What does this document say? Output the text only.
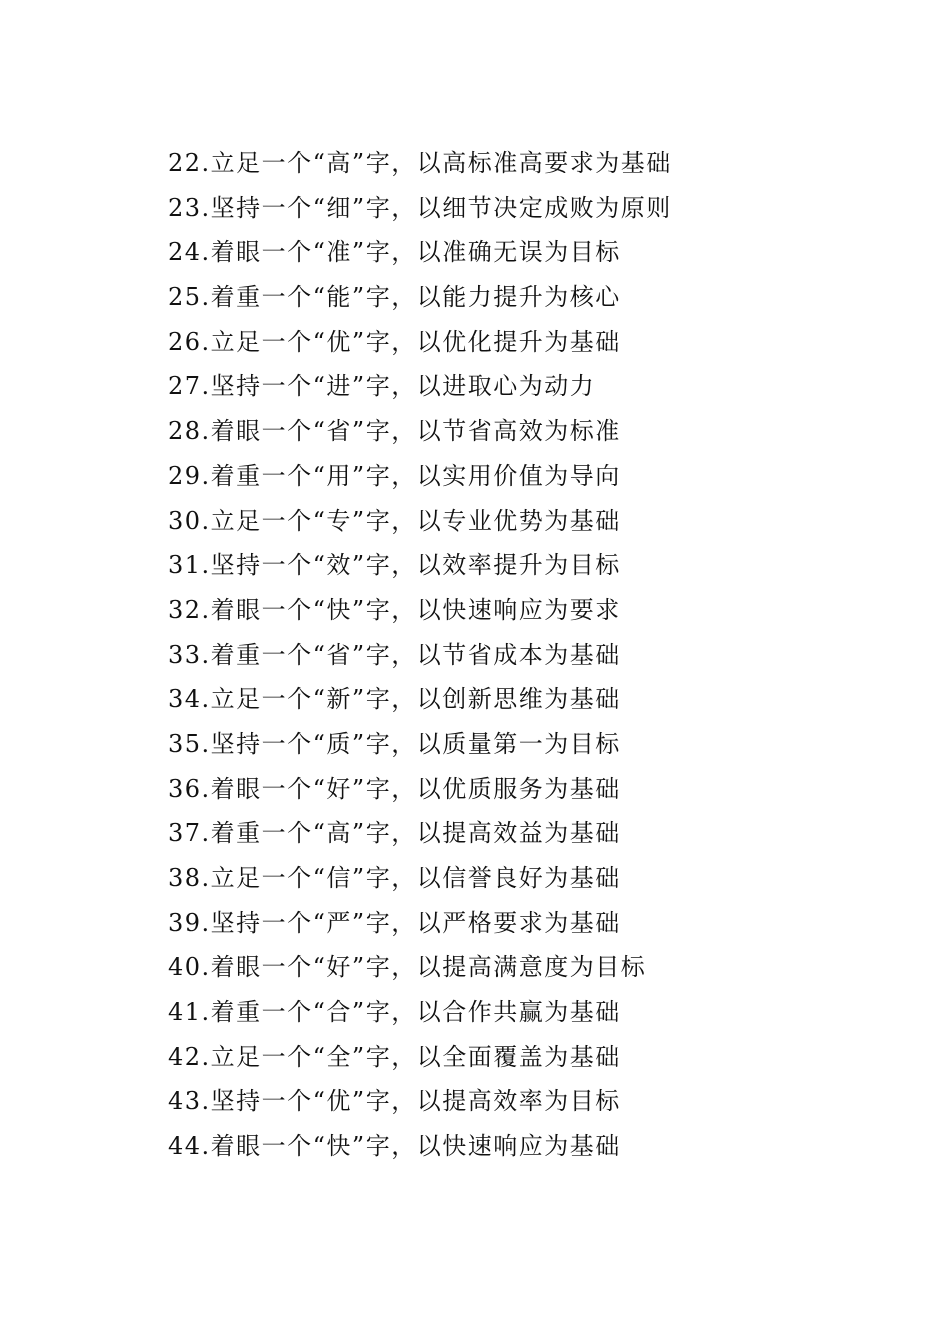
22.立足一个“高”字，以高标准高要求为基础
23.坚持一个“细”字，以细节决定成败为原则
24.着眼一个“准”字，以准确无误为目标
25.着重一个“能”字，以能力提升为核心
26.立足一个“优”字，以优化提升为基础
27.坚持一个“进”字，以进取心为动力
28.着眼一个“省”字，以节省高效为标准
29.着重一个“用”字，以实用价值为导向
30.立足一个“专”字，以专业优势为基础
31.坚持一个“效”字，以效率提升为目标
32.着眼一个“快”字，以快速响应为要求
33.着重一个“省”字，以节省成本为基础
34.立足一个“新”字，以创新思维为基础
35.坚持一个“质”字，以质量第一为目标
36.着眼一个“好”字，以优质服务为基础
37.着重一个“高”字，以提高效益为基础
38.立足一个“信”字，以信誉良好为基础
39.坚持一个“严”字，以严格要求为基础
40.着眼一个“好”字，以提高满意度为目标
41.着重一个“合”字，以合作共赢为基础
42.立足一个“全”字，以全面覆盖为基础
43.坚持一个“优”字，以提高效率为目标
44.着眼一个“快”字，以快速响应为基础
